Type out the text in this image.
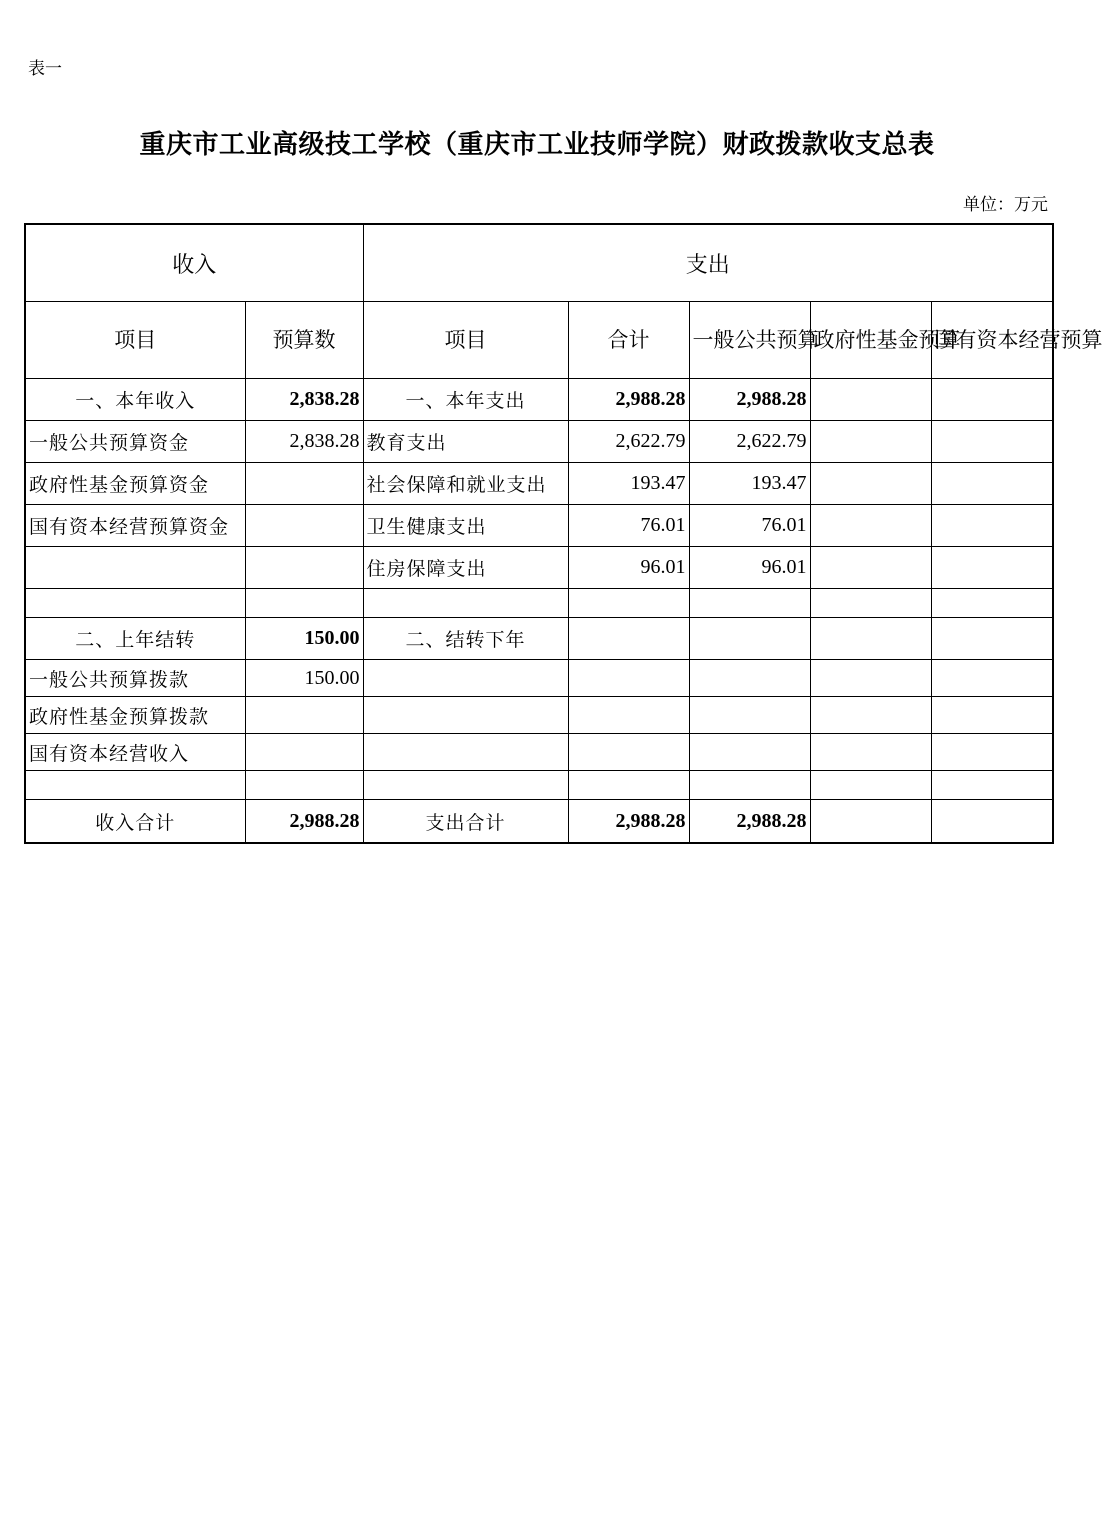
表一
重庆市工业高级技工学校（重庆市工业技师学院）财政拨款收支总表
单位：万元
收入		支出				
项目	预算数	项目	合计	一般公共预算	政府性基金预算	国有资本经营预算
一、本年收入	2,838.28	一、本年支出	2,988.28	2,988.28		
一般公共预算资金	2,838.28	教育支出	2,622.79	2,622.79		
政府性基金预算资金		社会保障和就业支出	193.47	193.47		
国有资本经营预算资金		卫生健康支出	76.01	76.01		
		住房保障支出	96.01	96.01		

二、上年结转	150.00	二、结转下年				
一般公共预算拨款	150.00					
政府性基金预算拨款						
国有资本经营收入						

收入合计	2,988.28	支出合计	2,988.28	2,988.28		
